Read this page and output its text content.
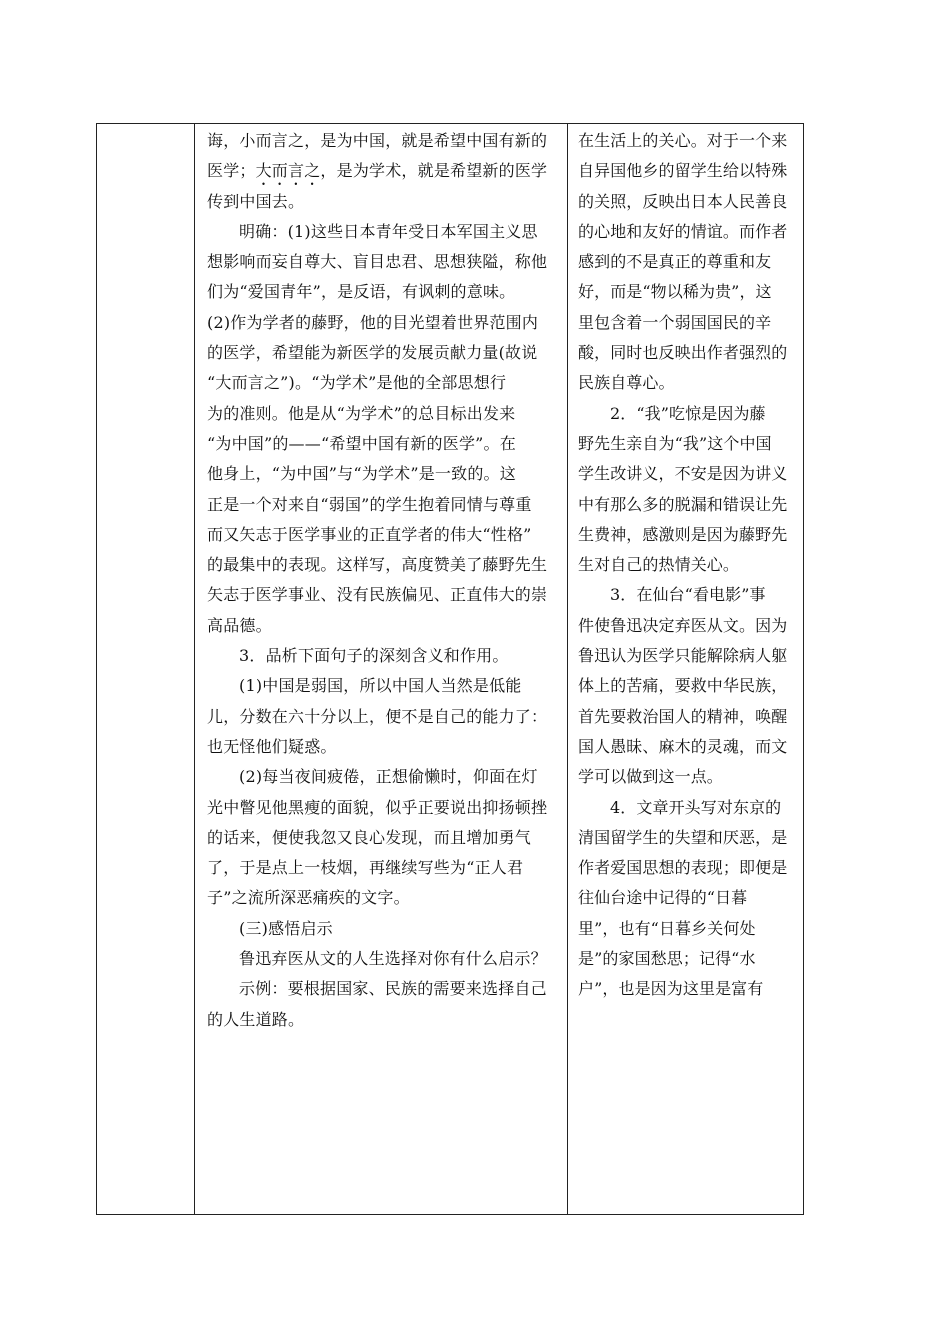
诲，小而言之，是为中国，就是希望中国有新的
医学；大而言之，是为学术，就是希望新的医学
传到中国去。
明确：(1)这些日本青年受日本军国主义思
想影响而妄自尊大、盲目忠君、思想狭隘，称他
们为“爱国青年”，是反语，有讽刺的意味。
(2)作为学者的藤野，他的目光望着世界范围内
的医学，希望能为新医学的发展贡献力量(故说
“大而言之”)。“为学术”是他的全部思想行
为的准则。他是从“为学术”的总目标出发来
“为中国”的——“希望中国有新的医学”。在
他身上，“为中国”与“为学术”是一致的。这
正是一个对来自“弱国”的学生抱着同情与尊重
而又矢志于医学事业的正直学者的伟大“性格”
的最集中的表现。这样写，高度赞美了藤野先生
矢志于医学事业、没有民族偏见、正直伟大的崇
高品德。
3．品析下面句子的深刻含义和作用。
(1)中国是弱国，所以中国人当然是低能
儿，分数在六十分以上，便不是自己的能力了：
也无怪他们疑惑。
(2)每当夜间疲倦，正想偷懒时，仰面在灯
光中瞥见他黑瘦的面貌，似乎正要说出抑扬顿挫
的话来，便使我忽又良心发现，而且增加勇气
了，于是点上一枝烟，再继续写些为“正人君
子”之流所深恶痛疾的文字。
(三)感悟启示
鲁迅弃医从文的人生选择对你有什么启示？
示例：要根据国家、民族的需要来选择自己
的人生道路。
在生活上的关心。对于一个来
自异国他乡的留学生给以特殊
的关照，反映出日本人民善良
的心地和友好的情谊。而作者
感到的不是真正的尊重和友
好，而是“物以稀为贵”，这
里包含着一个弱国国民的辛
酸，同时也反映出作者强烈的
民族自尊心。
2．“我”吃惊是因为藤
野先生亲自为“我”这个中国
学生改讲义，不安是因为讲义
中有那么多的脱漏和错误让先
生费神，感激则是因为藤野先
生对自己的热情关心。
3．在仙台“看电影”事
件使鲁迅决定弃医从文。因为
鲁迅认为医学只能解除病人躯
体上的苦痛，要救中华民族，
首先要救治国人的精神，唤醒
国人愚昧、麻木的灵魂，而文
学可以做到这一点。
4．文章开头写对东京的
清国留学生的失望和厌恶，是
作者爱国思想的表现；即便是
往仙台途中记得的“日暮
里”，也有“日暮乡关何处
是”的家国愁思；记得“水
户”，也是因为这里是富有
